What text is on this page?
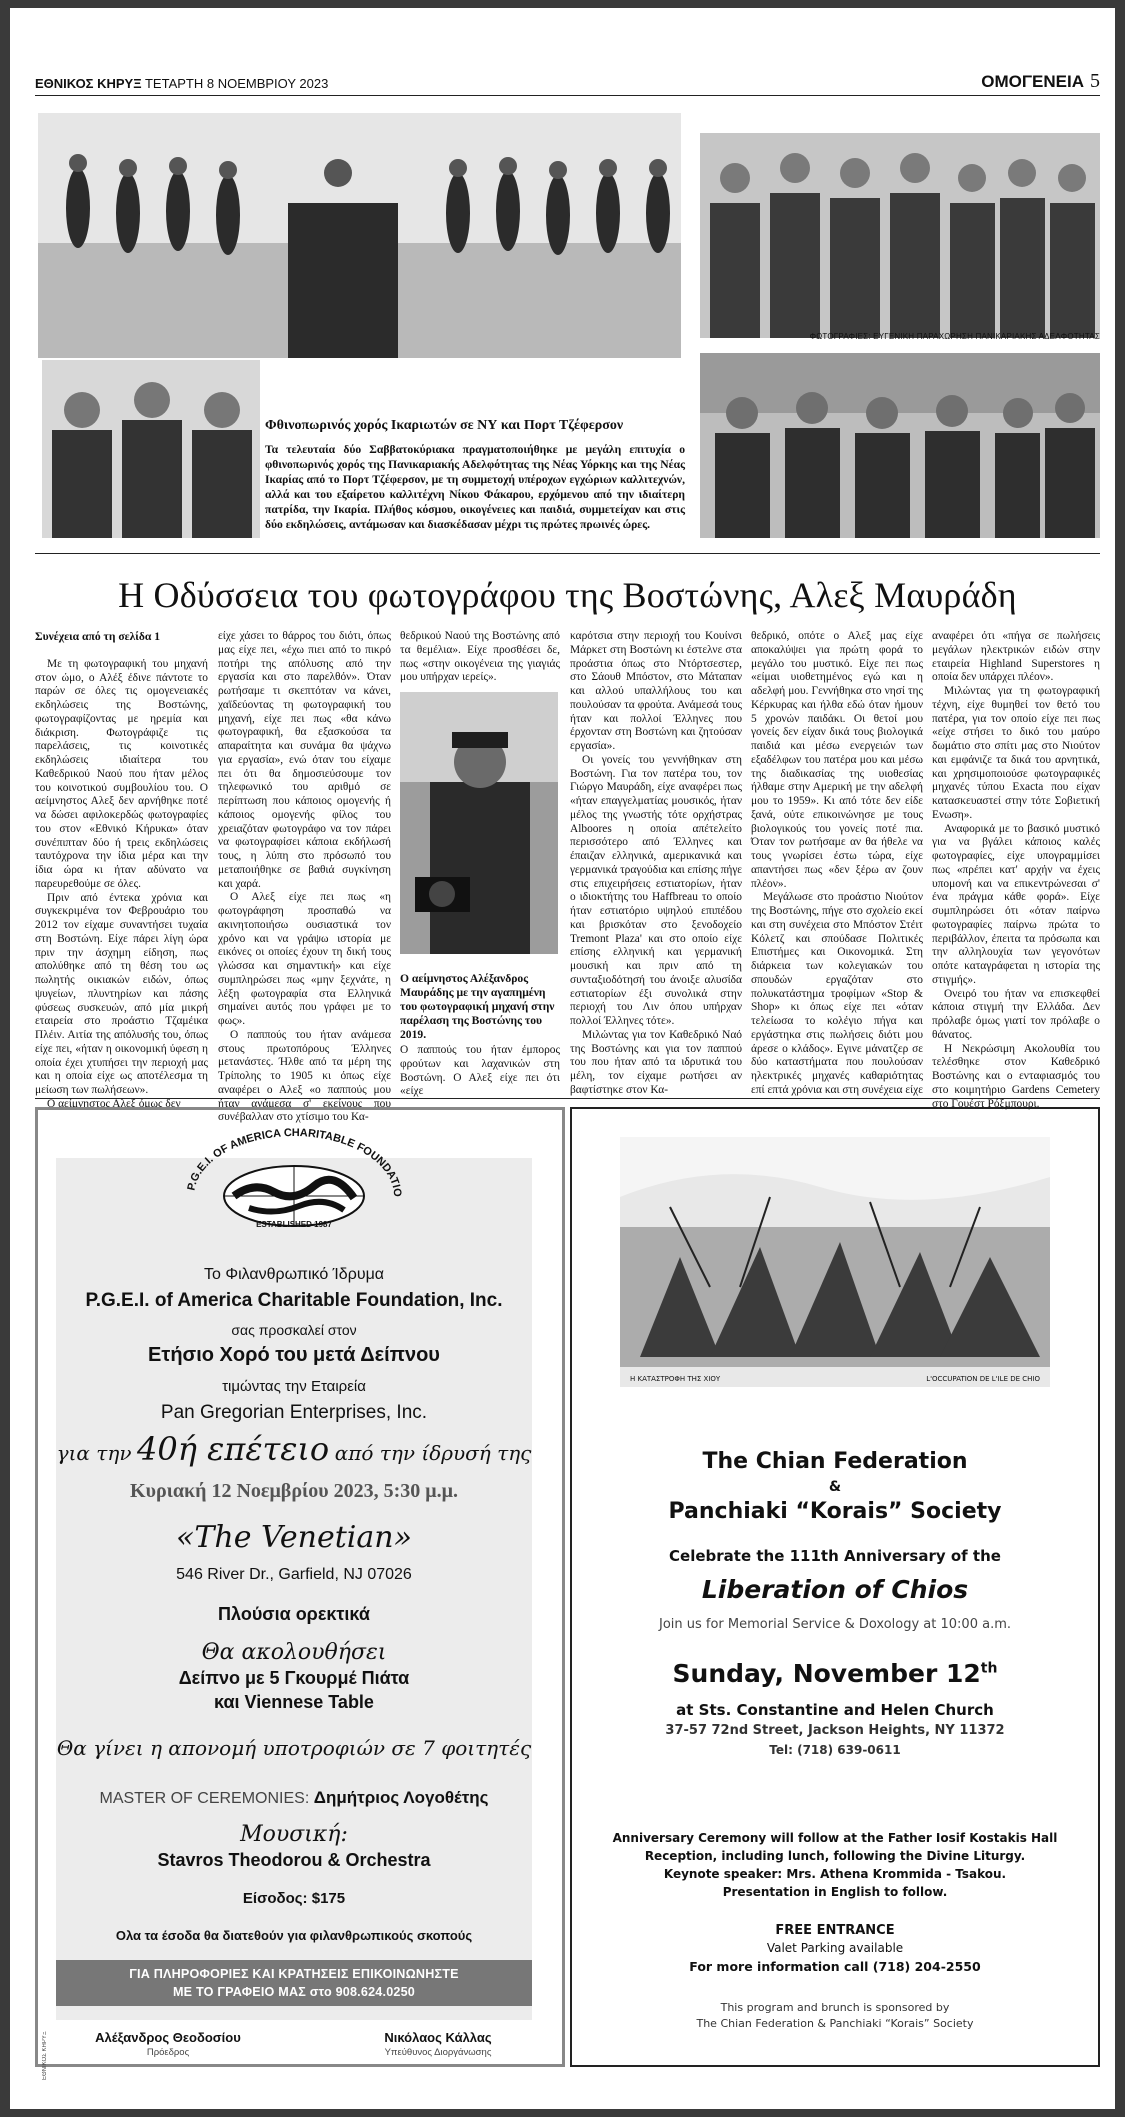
ΕΘΝΙΚΟΣ ΚΗΡΥΞ ΤΕΤΑΡΤΗ 8 ΝΟΕΜΒΡΙΟΥ 2023	ΟΜΟΓΕΝΕΙΑ 5
ΦΩΤΟΓΡΑΦΙΕΣ: ΕΥΓΕΝΙΚΗ ΠΑΡΑΧΩΡΗΣΗ ΠΑΝΙΚΑΡΙΑΚΗΣ ΑΔΕΛΦΟΤΗΤΑΣ
Φθινοπωρινός χορός Ικαριωτών σε ΝΥ και Πορτ Τζέφερσον
Τα τελευταία δύο Σαββατοκύριακα πραγματοποιήθηκε με μεγάλη επιτυχία ο φθινοπωρινός χορός της Πανικαριακής Αδελφότητας της Νέας Υόρκης και της Νέας Ικαρίας από το Πορτ Τζέφερσον, με τη συμμετοχή υπέροχων εγχώριων καλλιτεχνών, αλλά και του εξαίρετου καλλιτέχνη Νίκου Φάκαρου, ερχόμενου από την ιδιαίτερη πατρίδα, την Ικαρία. Πλήθος κόσμου, οικογένειες και παιδιά, συμμετείχαν και στις δύο εκδηλώσεις, αντάμωσαν και διασκέδασαν μέχρι τις πρώτες πρωινές ώρες.
Η Οδύσσεια του φωτογράφου της Βοστώνης, Αλεξ Μαυράδη

Συνέχεια από τη σελίδα 1

Με τη φωτογραφική του μηχανή στον ώμο, ο Αλέξ έδινε πάντοτε το παρών σε όλες τις ομογενειακές εκδηλώσεις της Βοστώνης, φωτογραφίζοντας με ηρεμία και διάκριση. Φωτογράφιζε τις παρελάσεις, τις κοινοτικές εκδηλώσεις ιδιαίτερα του Καθεδρικού Ναού που ήταν μέλος του κοινοτικού συμβουλίου του. Ο αείμνηστος Αλεξ δεν αρνήθηκε ποτέ να δώσει αφιλοκερδώς φωτογραφίες του στον «Εθνικό Κήρυκα» όταν συνέπιπταν δύο ή τρεις εκδηλώσεις ταυτόχρονα την ίδια μέρα και την ίδια ώρα κι ήταν αδύνατο να παρευρεθούμε σε όλες.

Πριν από έντεκα χρόνια και συγκεκριμένα τον Φεβρουάριο του 2012 τον είχαμε συναντήσει τυχαία στη Βοστώνη. Είχε πάρει λίγη ώρα πριν την άσχημη είδηση, πως απολύθηκε από τη θέση του ως πωλητής οικιακών ειδών, όπως ψυγείων, πλυντηρίων και πάσης φύσεως συσκευών, από μία μικρή εταιρεία στο προάστιο Τζαμέικα Πλέιν. Αιτία της απόλυσής του, όπως είχε πει, «ήταν η οικονομική ύφεση η οποία έχει χτυπήσει την περιοχή μας και η οποία είχε ως αποτέλεσμα τη μείωση των πωλήσεων».

Ο αείμνηστος Αλεξ όμως δεν

είχε χάσει το θάρρος του διότι, όπως μας είχε πει, «έχω πιει από το πικρό ποτήρι της απόλυσης από την εργασία και στο παρελθόν». Όταν ρωτήσαμε τι σκεπτόταν να κάνει, χαϊδεύοντας τη φωτογραφική του μηχανή, είχε πει πως «θα κάνω φωτογραφική, θα εξασκούσα τα απαραίτητα και συνάμα θα ψάχνω για εργασία», ενώ όταν του είχαμε πει ότι θα δημοσιεύσουμε τον τηλεφωνικό του αριθμό σε περίπτωση που κάποιος ομογενής ή κάποιος ομογενής φίλος του χρειαζόταν φωτογράφο να τον πάρει να φωτογραφίσει κάποια εκδήλωσή τους, η λύπη στο πρόσωπό του μεταποιήθηκε σε βαθιά συγκίνηση και χαρά.

Ο Αλεξ είχε πει πως «η φωτογράφηση προσπαθώ να ακινητοποιήσω ουσιαστικά τον χρόνο και να γράψω ιστορία με εικόνες οι οποίες έχουν τη δική τους γλώσσα και σημαντική» και είχε συμπληρώσει πως «μην ξεχνάτε, η λέξη φωτογραφία στα Ελληνικά σημαίνει αυτός που γράφει με το φως».

Ο παππούς του ήταν ανάμεσα στους πρωτοπόρους Έλληνες μετανάστες. Ήλθε από τα μέρη της Τρίπολης το 1905 κι όπως είχε αναφέρει ο Αλεξ «ο παππούς μου ήταν ανάμεσα σ' εκείνους που συνέβαλλαν στο χτίσιμο του Κα-

θεδρικού Ναού της Βοστώνης από τα θεμέλια». Είχε προσθέσει δε, πως «στην οικογένεια της γιαγιάς μου υπήρχαν ιερείς».

Ο αείμνηστος Αλέξανδρος Μαυράδης με την αγαπημένη του φωτογραφική μηχανή στην παρέλαση της Βοστώνης του 2019.
Ο παππούς του ήταν έμπορος φρούτων και λαχανικών στη Βοστώνη. Ο Αλεξ είχε πει ότι «είχε

καρότσια στην περιοχή του Κουίνσι Μάρκετ στη Βοστώνη κι έστελνε στα προάστια όπως στο Ντόρτσεστερ, στο Σάουθ Μπόστον, στο Μάταπαν και αλλού υπαλλήλους του και πουλούσαν τα φρούτα. Ανάμεσά τους ήταν και πολλοί Έλληνες που έρχονταν στη Βοστώνη και ζητούσαν εργασία».

Οι γονείς του γεννήθηκαν στη Βοστώνη. Για τον πατέρα του, τον Γιώργο Μαυράδη, είχε αναφέρει πως «ήταν επαγγελματίας μουσικός, ήταν μέλος της γνωστής τότε ορχήστρας Alboores η οποία απέτελείτο περισσότερο από Έλληνες και έπαιζαν ελληνικά, αμερικανικά και γερμανικά τραγούδια και επίσης πήγε στις επιχειρήσεις εστιατορίων, ήταν ο ιδιοκτήτης του Haffbreau το οποίο ήταν εστιατόριο υψηλού επιπέδου και βρισκόταν στο ξενοδοχείο Tremont Plaza' και στο οποίο είχε επίσης ελληνική και γερμανική μουσική και πριν από τη συνταξιοδότησή του άνοιξε αλυσίδα εστιατορίων έξι συνολικά στην περιοχή του Λιν όπου υπήρχαν πολλοί Έλληνες τότε».

Μιλώντας για τον Καθεδρικό Ναό της Βοστώνης και για τον παππού του που ήταν από τα ιδρυτικά του μέλη, τον είχαμε ρωτήσει αν βαφτίστηκε στον Κα-

θεδρικό, οπότε ο Αλεξ μας είχε αποκαλύψει για πρώτη φορά το μεγάλο του μυστικό. Είχε πει πως «είμαι υιοθετημένος εγώ και η αδελφή μου. Γεννήθηκα στο νησί της Κέρκυρας και ήλθα εδώ όταν ήμουν 5 χρονών παιδάκι. Οι θετοί μου γονείς δεν είχαν δικά τους βιολογικά παιδιά και μέσω ενεργειών των εξαδέλφων του πατέρα μου και μέσω της διαδικασίας της υιοθεσίας ήλθαμε στην Αμερική με την αδελφή μου το 1959». Κι από τότε δεν είδε ξανά, ούτε επικοινώνησε με τους βιολογικούς του γονείς ποτέ πια. Όταν τον ρωτήσαμε αν θα ήθελε να τους γνωρίσει έστω τώρα, είχε απαντήσει πως «δεν ξέρω αν ζουν πλέον».

Μεγάλωσε στο προάστιο Νιούτον της Βοστώνης, πήγε στο σχολείο εκεί και στη συνέχεια στο Μπόστον Στέιτ Κόλετζ και σπούδασε Πολιτικές Επιστήμες και Οικονομικά. Στη διάρκεια των κολεγιακών του σπουδών εργαζόταν στο πολυκατάστημα τροφίμων «Stop & Shop» κι όπως είχε πει «όταν τελείωσα το κολέγιο πήγα και εργάστηκα στις πωλήσεις διότι μου άρεσε ο κλάδος». Εγινε μάνατζερ σε δύο καταστήματα που πουλούσαν ηλεκτρικές μηχανές καθαριότητας επί επτά χρόνια και στη συνέχεια είχε

αναφέρει ότι «πήγα σε πωλήσεις μεγάλων ηλεκτρικών ειδών στην εταιρεία Highland Superstores η οποία δεν υπάρχει πλέον».

Μιλώντας για τη φωτογραφική τέχνη, είχε θυμηθεί τον θετό του πατέρα, για τον οποίο είχε πει πως «είχε στήσει το δικό του μαύρο δωμάτιο στο σπίτι μας στο Νιούτον και εμφάνιζε τα δικά του αρνητικά, και χρησιμοποιούσε φωτογραφικές μηχανές τύπου Exacta που είχαν κατασκευαστεί στην τότε Σοβιετική Ενωση».

Αναφορικά με το βασικό μυστικό για να βγάλει κάποιος καλές φωτογραφίες, είχε υπογραμμίσει πως «πρέπει κατ' αρχήν να έχεις υπομονή και να επικεντρώνεσαι σ' ένα πράγμα κάθε φορά». Είχε συμπληρώσει ότι «όταν παίρνω φωτογραφίες παίρνω πρώτα το περιβάλλον, έπειτα τα πρόσωπα και την αλληλουχία των γεγονότων οπότε καταγράφεται η ιστορία της στιγμής».

Ονειρό του ήταν να επισκεφθεί κάποια στιγμή την Ελλάδα. Δεν πρόλαβε όμως γιατί τον πρόλαβε ο θάνατος.

Η Νεκρώσιμη Ακολουθία του τελέσθηκε στον Καθεδρικό Βοστώνης και ο ενταφιασμός του στο κοιμητήριο Gardens Cemetery στο Γουέστ Ρόξμπουρι.

P.G.E.I. OF AMERICA CHARITABLE FOUNDATIO
ESTABLISHED 1987
Το Φιλανθρωπικό Ίδρυμα
P.G.E.I. of America Charitable Foundation, Inc.
σας προσκαλεί στον
Ετήσιο Χορό του μετά Δείπνου
τιμώντας την Εταιρεία
Pan Gregorian Enterprises, Inc.
για την 40ή επέτειο από την ίδρυσή της
Κυριακή 12 Νοεμβρίου 2023, 5:30 μ.μ.
«The Venetian»
546 River Dr., Garfield, NJ 07026
Πλούσια ορεκτικά
Θα ακολουθήσει
Δείπνο με 5 Γκουρμέ Πιάτα
και Viennese Table
Θα γίνει η απονομή υποτροφιών σε 7 φοιτητές
MASTER OF CEREMONIES: Δημήτριος Λογοθέτης
Μουσική:
Stavros Theodorou & Orchestra
Είσοδος: $175
Ολα τα έσοδα θα διατεθούν για φιλανθρωπικούς σκοπούς
ΓΙΑ ΠΛΗΡΟΦΟΡΙΕΣ ΚΑΙ ΚΡΑΤΗΣΕΙΣ ΕΠΙΚΟΙΝΩΝΗΣΤΕ
ΜΕ ΤΟ ΓΡΑΦΕΙΟ ΜΑΣ στο 908.624.0250
Αλέξανδρος Θεοδοσίου
Πρόεδρος
Νικόλαος Κάλλας
Υπεύθυνος Διοργάνωσης
ΕΘΝΙΚΟΣ ΚΗΡΥΞ
Η ΚΑΤΑΣΤΡΟΦΗ ΤΗΣ ΧΙΟΥ	L'OCCUPATION DE L'ILE DE CHIO
The Chian Federation
&
Panchiaki “Korais” Society
Celebrate the 111th Anniversary of the
Liberation of Chios
Join us for Memorial Service & Doxology at 10:00 a.m.
Sunday, November 12th
at Sts. Constantine and Helen Church
37-57 72nd Street, Jackson Heights, NY 11372
Tel: (718) 639-0611
Anniversary Ceremony will follow at the Father Iosif Kostakis Hall
Reception, including lunch, following the Divine Liturgy.
Keynote speaker: Mrs. Athena Krommida - Tsakou.
Presentation in English to follow.
FREE ENTRANCE
Valet Parking available
For more information call (718) 204-2550
This program and brunch is sponsored by
The Chian Federation & Panchiaki “Korais” Society
